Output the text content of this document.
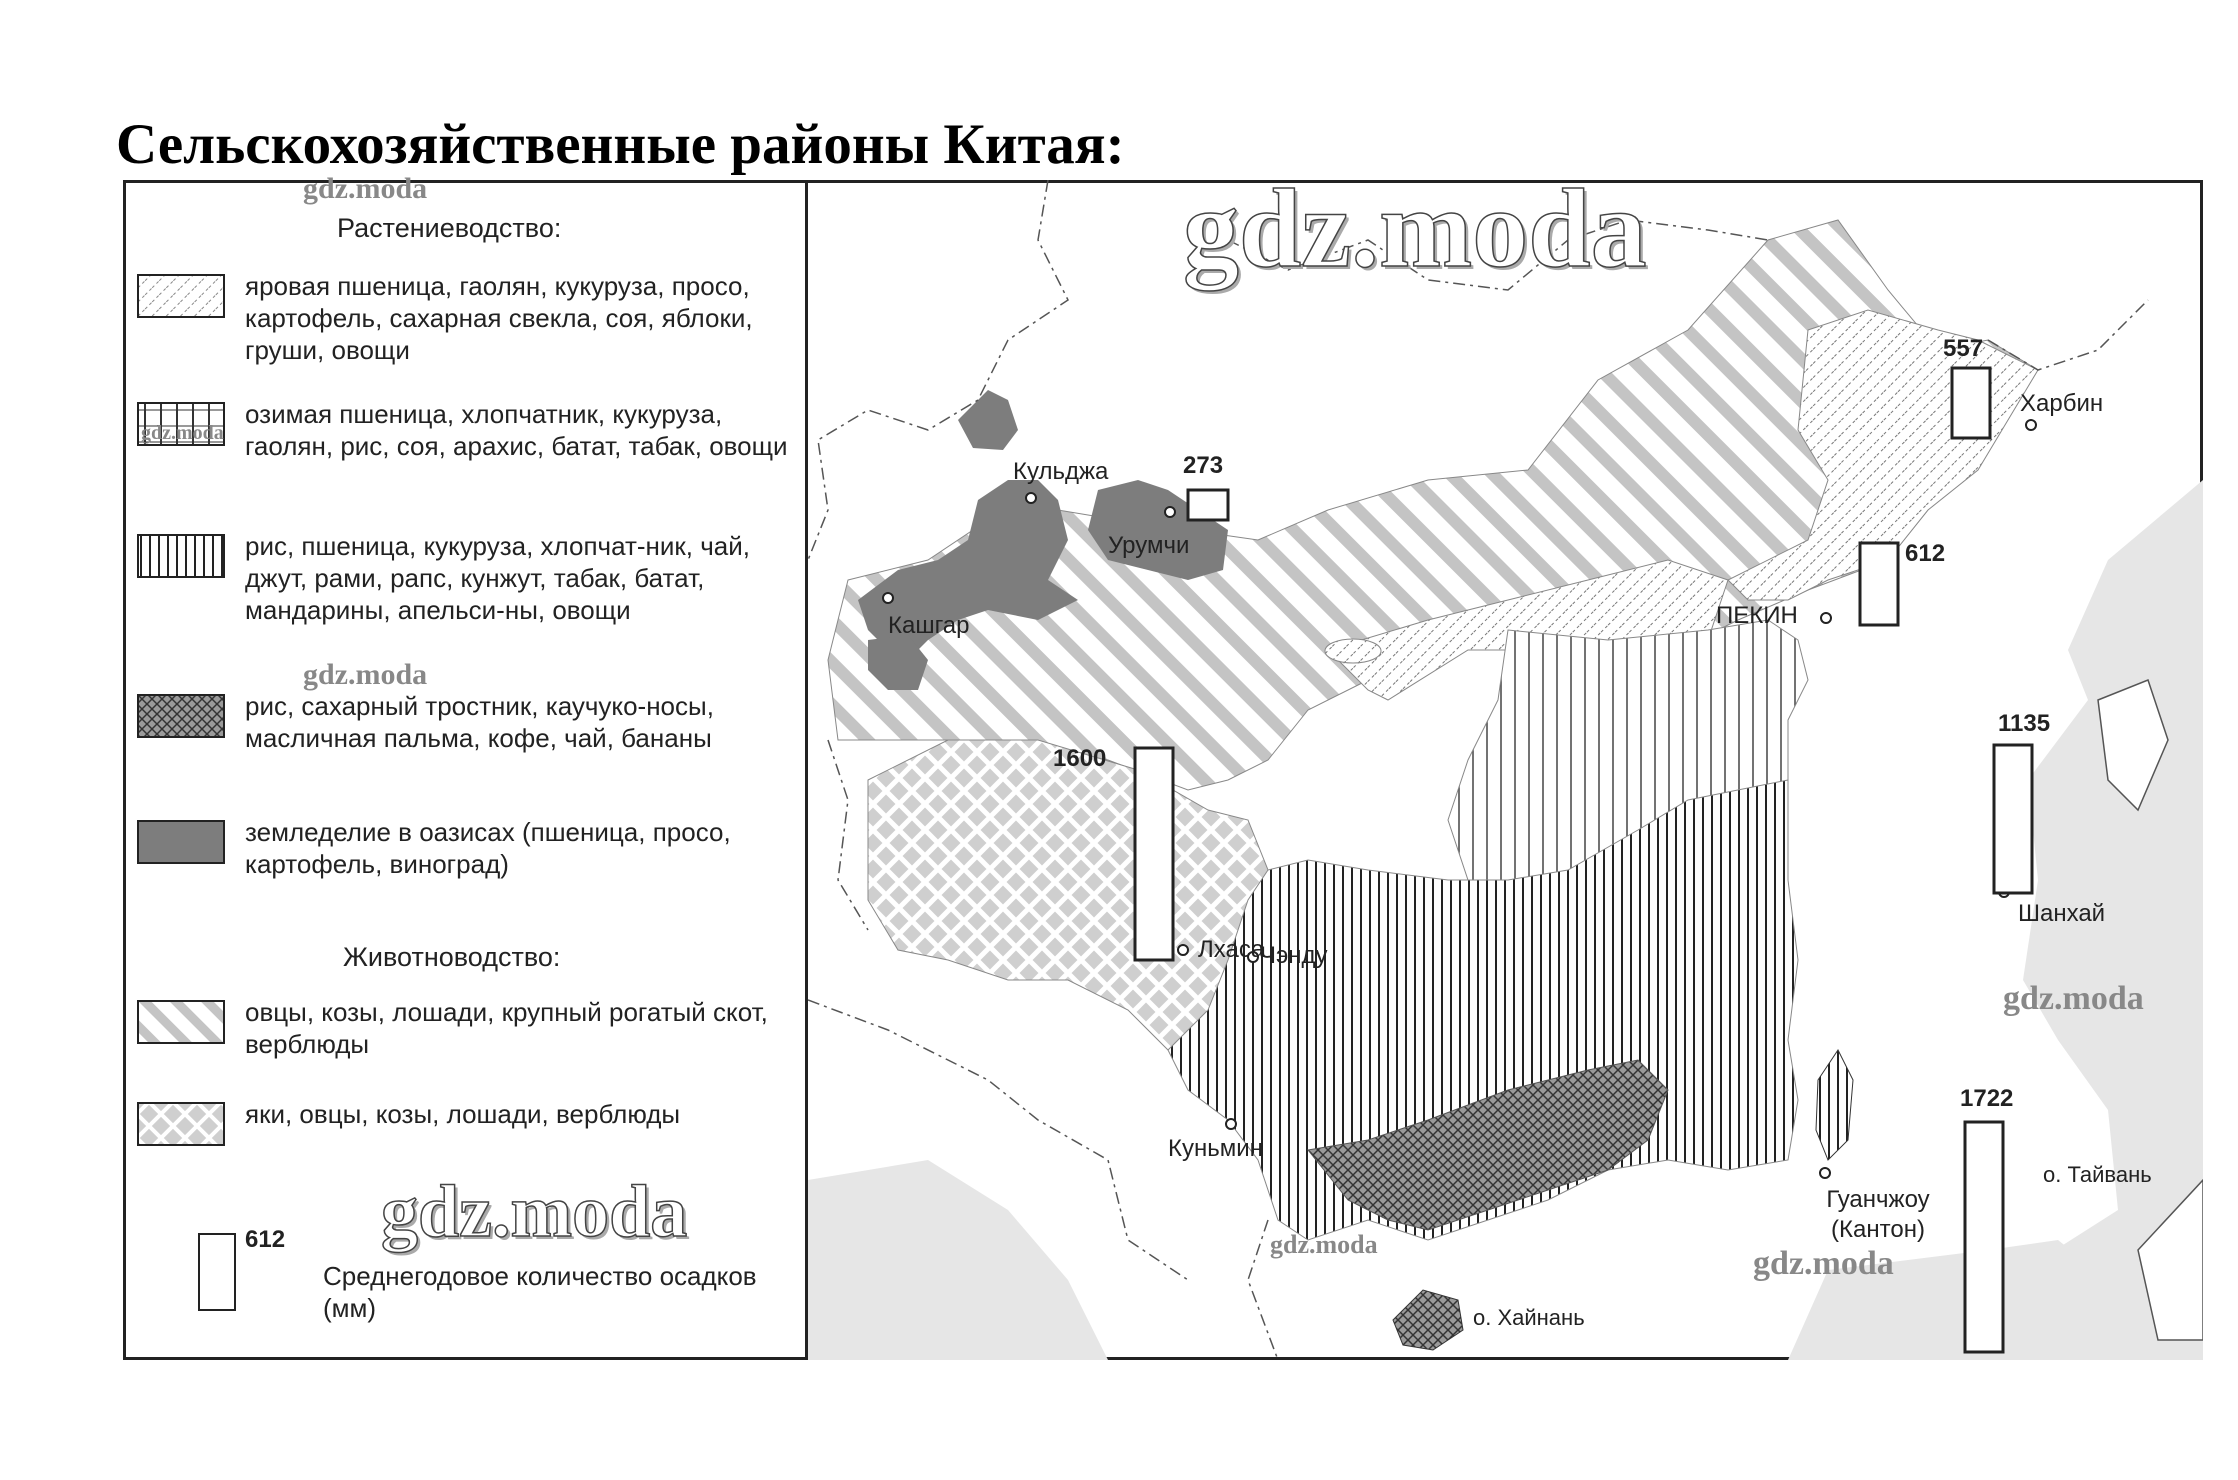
Сельскохозяйственные районы Китая:
Растениеводство:
яровая пшеница, гаолян, кукуруза, просо, картофель, сахарная свекла, соя, яблоки, груши, овощи
озимая пшеница, хлопчатник, кукуруза, гаолян, рис, соя, арахис, батат, табак, овощи
рис, пшеница, кукуруза, хлопчат-ник, чай, джут, рами, рапс, кунжут, табак, батат, мандарины, апельси-ны, овощи
рис, сахарный тростник, каучуко-носы, масличная пальма, кофе, чай, бананы
земледелие в оазисах (пшеница, просо, картофель, виноград)
Животноводство:
овцы, козы, лошади, крупный рогатый скот, верблюды
яки, овцы, козы, лошади, верблюды
612
Среднегодовое количество осадков (мм)
gdz.moda
gdz.moda
gdz.moda
gdz.moda
Кульджа
Урумчи
Кашгар
Лхаса
Чэнду
Куньмин
ПЕКИН
Харбин
Шанхай
Гуанчжоу (Кантон)
о. Тайвань
о. Хайнань
273
557
612
1600
1135
1722
gdz.moda
gdz.moda
gdz.moda
gdz.moda
